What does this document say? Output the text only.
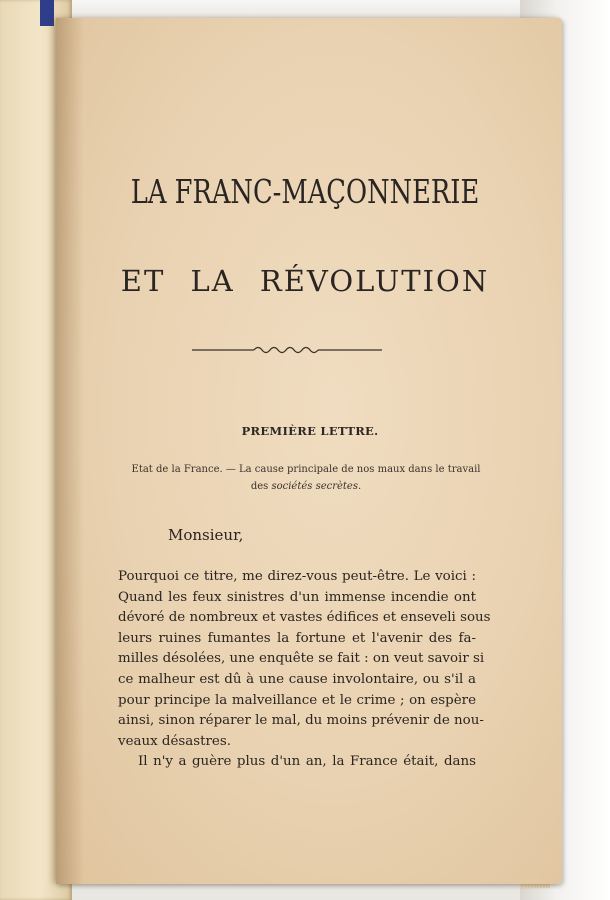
LA FRANC-MAÇONNERIE
ET LA RÉVOLUTION
PREMIÈRE LETTRE.
Etat de la France. — La cause principale de nos maux dans le travail
des sociétés secrètes.
Monsieur,
Pourquoi ce titre, me direz-vous peut-être. Le voici :
Quand les feux sinistres d'un immense incendie ont
dévoré de nombreux et vastes édifices et enseveli sous
leurs ruines fumantes la fortune et l'avenir des fa-
milles désolées, une enquête se fait : on veut savoir si
ce malheur est dû à une cause involontaire, ou s'il a
pour principe la malveillance et le crime ; on espère
ainsi, sinon réparer le mal, du moins prévenir de nou-
veaux désastres.
Il n'y a guère plus d'un an, la France était, dans
